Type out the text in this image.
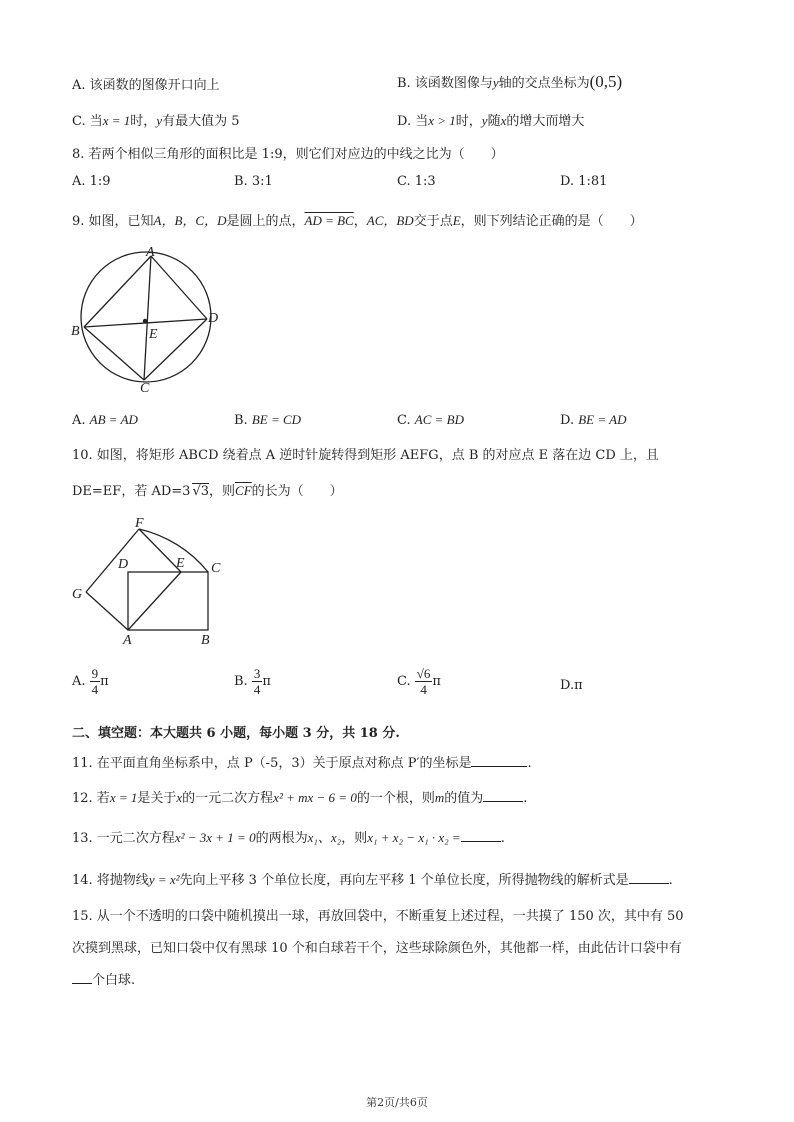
A. 该函数的图像开口向上	B. 该函数图像与y轴的交点坐标为(0,5)
C. 当x = 1时，y有最大值为 5	D. 当x > 1时，y随x的增大而增大
8. 若两个相似三角形的面积比是 1:9，则它们对应边的中线之比为（　　）
A. 1:9	B. 3:1	C. 1:3	D. 1:81
9. 如图，已知A，B，C，D是圆上的点，AD = BC，AC，BD交于点E，则下列结论正确的是（　　）
A
B
C
D
E
A. AB = AD	B. BE = CD	C. AC = BD	D. BE = AD
10. 如图，将矩形 ABCD 绕着点 A 逆时针旋转得到矩形 AEFG，点 B 的对应点 E 落在边 CD 上，且
DE=EF，若 AD=3 √3，则$\overline{CF}$的长为（　　）
F
D	E C
G
A	B
A. $\frac{9}{4}$ π	B. $\frac{3}{4}$ π	C. $\frac{√6}{4}$ π	D.π
二、填空题：本大题共 6 小题，每小题 3 分，共 18 分.
11. 在平面直角坐标系中，点 P（-5，3）关于原点对称点 P′的坐标是	.
12. 若x = 1是关于x的一元二次方程x² + mx − 6 = 0的一个根，则m的值为	.
13. 一元二次方程x² − 3x + 1 = 0的两根为x₁、x₂，则x₁ + x₂ − x₁ · x₂ =	.
14. 将抛物线y = x²先向上平移 3 个单位长度，再向左平移 1 个单位长度，所得抛物线的解析式是	.
15. 从一个不透明的口袋中随机摸出一球，再放回袋中，不断重复上述过程，一共摸了 150 次，其中有 50
次摸到黑球，已知口袋中仅有黑球 10 个和白球若干个，这些球除颜色外，其他都一样，由此估计口袋中有
个白球.
第2页/共6页
